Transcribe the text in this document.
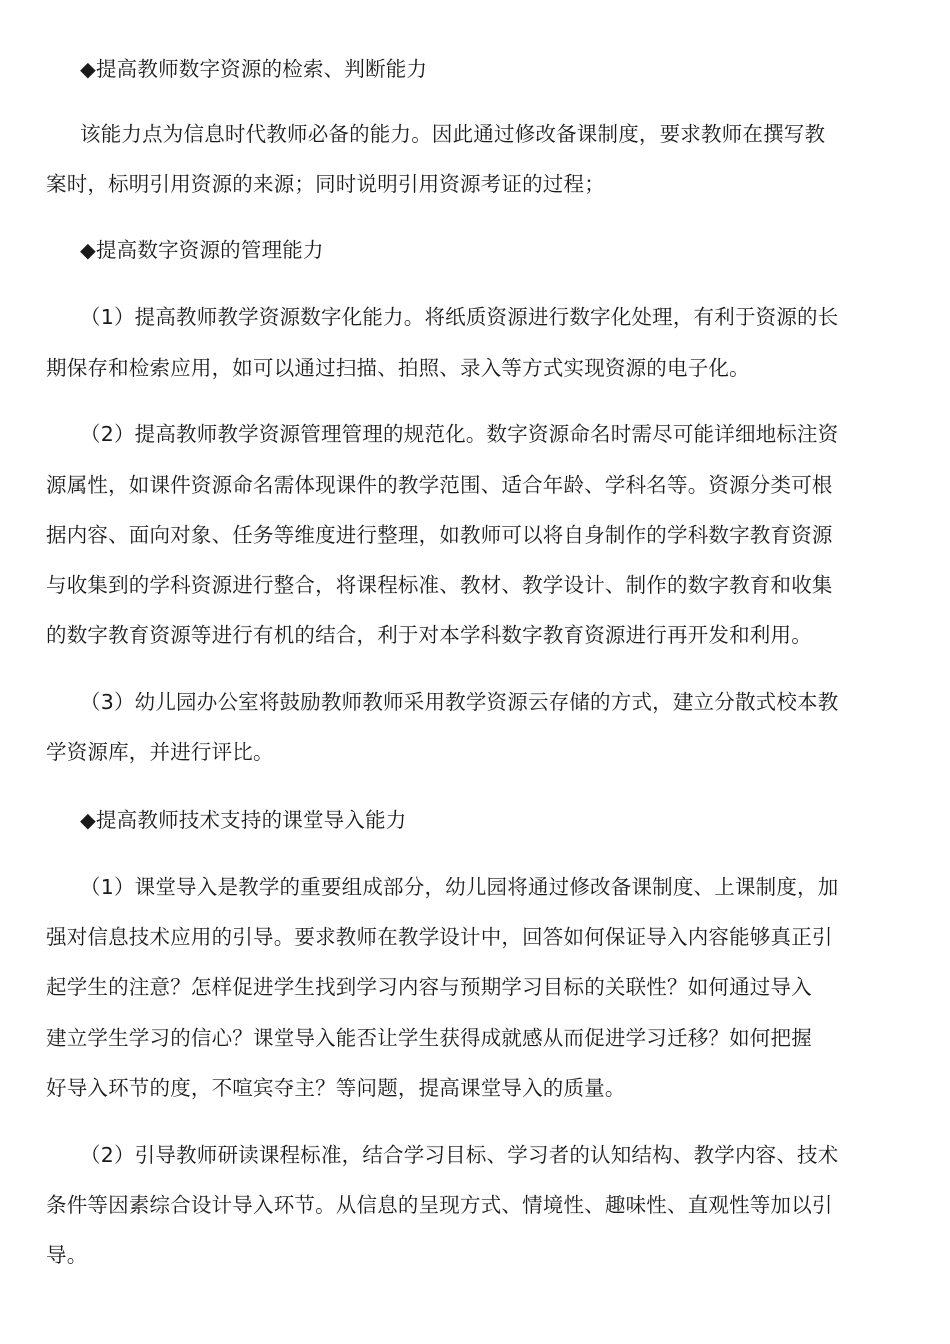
◆提高教师数字资源的检索、判断能力
该能力点为信息时代教师必备的能力。因此通过修改备课制度，要求教师在撰写教
案时，标明引用资源的来源；同时说明引用资源考证的过程；
◆提高数字资源的管理能力
（1）提高教师教学资源数字化能力。将纸质资源进行数字化处理，有利于资源的长
期保存和检索应用，如可以通过扫描、拍照、录入等方式实现资源的电子化。
（2）提高教师教学资源管理管理的规范化。数字资源命名时需尽可能详细地标注资
源属性，如课件资源命名需体现课件的教学范围、适合年龄、学科名等。资源分类可根
据内容、面向对象、任务等维度进行整理，如教师可以将自身制作的学科数字教育资源
与收集到的学科资源进行整合，将课程标准、教材、教学设计、制作的数字教育和收集
的数字教育资源等进行有机的结合，利于对本学科数字教育资源进行再开发和利用。
（3）幼儿园办公室将鼓励教师教师采用教学资源云存储的方式，建立分散式校本教
学资源库，并进行评比。
◆提高教师技术支持的课堂导入能力
（1）课堂导入是教学的重要组成部分，幼儿园将通过修改备课制度、上课制度，加
强对信息技术应用的引导。要求教师在教学设计中，回答如何保证导入内容能够真正引
起学生的注意？怎样促进学生找到学习内容与预期学习目标的关联性？如何通过导入
建立学生学习的信心？课堂导入能否让学生获得成就感从而促进学习迁移？如何把握
好导入环节的度，不喧宾夺主？等问题，提高课堂导入的质量。
（2）引导教师研读课程标准，结合学习目标、学习者的认知结构、教学内容、技术
条件等因素综合设计导入环节。从信息的呈现方式、情境性、趣味性、直观性等加以引
导。
